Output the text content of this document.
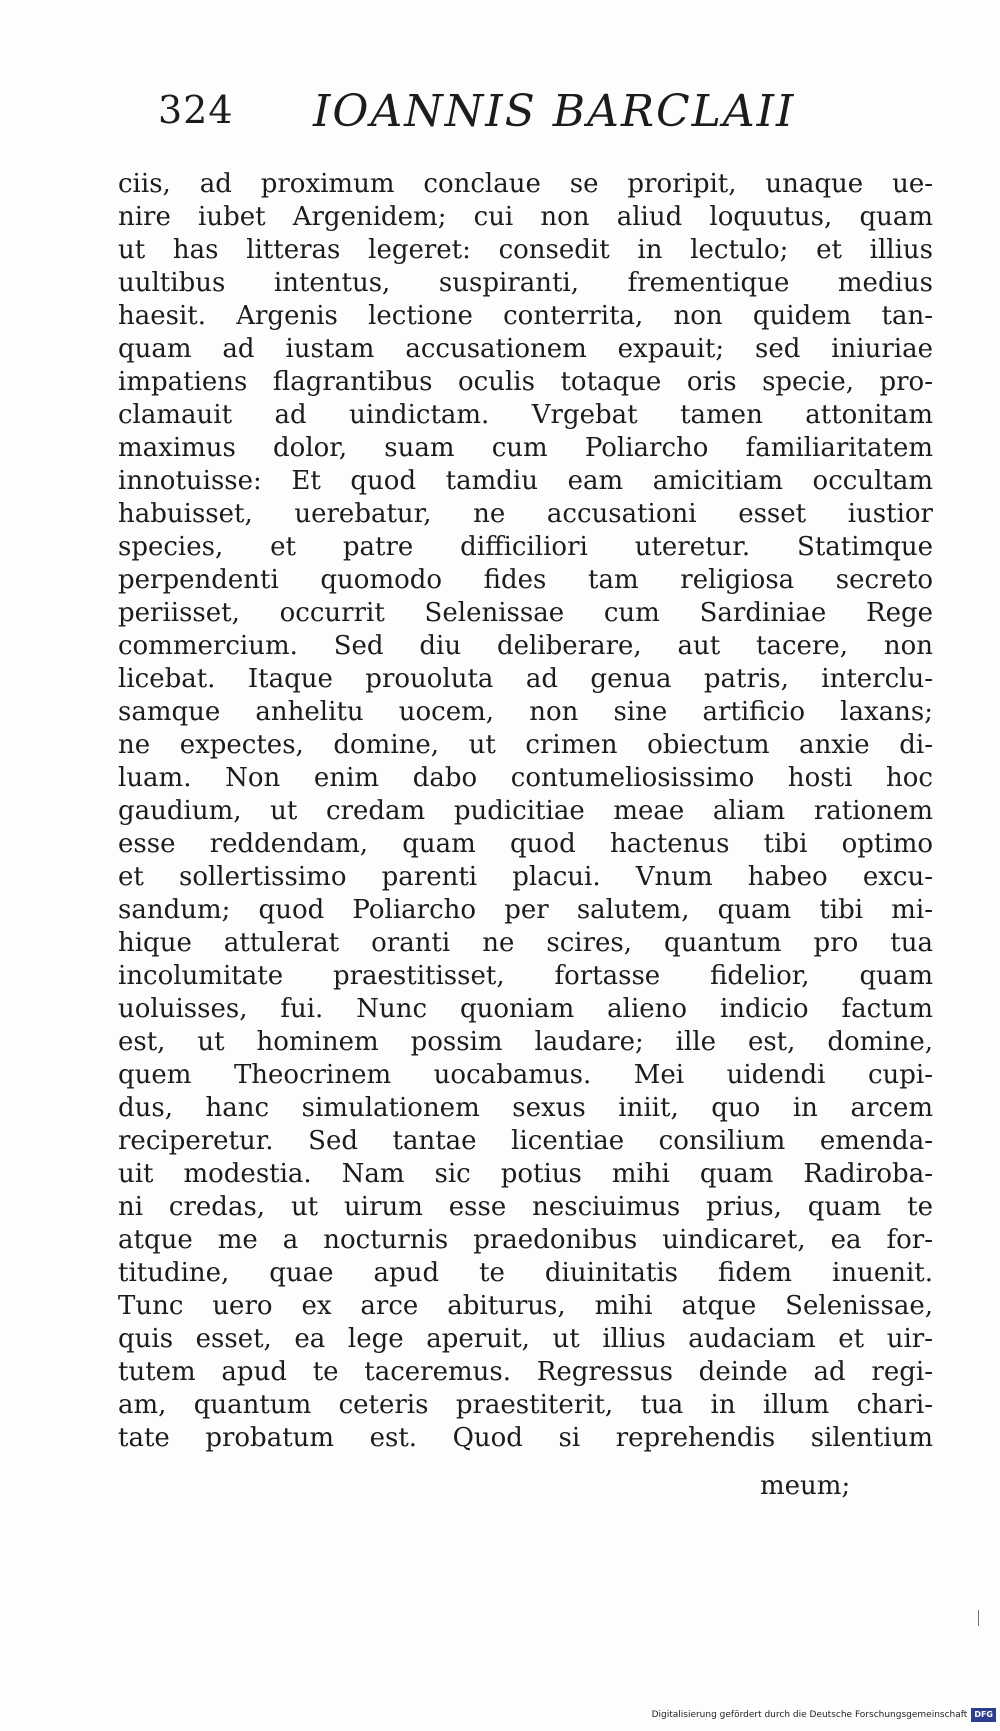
324 IOANNIS BARCLAII
ciis, ad proximum conclaue se proripit, unaque ue-
nire iubet Argenidem; cui non aliud loquutus, quam
ut has litteras legeret: consedit in lectulo; et illius
uultibus intentus, suspiranti, frementique medius
haesit. Argenis lectione conterrita, non quidem tan-
quam ad iustam accusationem expauit; sed iniuriae
impatiens flagrantibus oculis totaque oris specie, pro-
clamauit ad uindictam. Vrgebat tamen attonitam
maximus dolor, suam cum Poliarcho familiaritatem
innotuisse: Et quod tamdiu eam amicitiam occultam
habuisset, uerebatur, ne accusationi esset iustior
species, et patre difficiliori uteretur. Statimque
perpendenti quomodo fides tam religiosa secreto
periisset, occurrit Selenissae cum Sardiniae Rege
commercium. Sed diu deliberare, aut tacere, non
licebat. Itaque prouoluta ad genua patris, interclu-
samque anhelitu uocem, non sine artificio laxans;
ne expectes, domine, ut crimen obiectum anxie di-
luam. Non enim dabo contumeliosissimo hosti hoc
gaudium, ut credam pudicitiae meae aliam rationem
esse reddendam, quam quod hactenus tibi optimo
et sollertissimo parenti placui. Vnum habeo excu-
sandum; quod Poliarcho per salutem, quam tibi mi-
hique attulerat oranti ne scires, quantum pro tua
incolumitate praestitisset, fortasse fidelior, quam
uoluisses, fui. Nunc quoniam alieno indicio factum
est, ut hominem possim laudare; ille est, domine,
quem Theocrinem uocabamus. Mei uidendi cupi-
dus, hanc simulationem sexus iniit, quo in arcem
reciperetur. Sed tantae licentiae consilium emenda-
uit modestia. Nam sic potius mihi quam Radiroba-
ni credas, ut uirum esse nesciuimus prius, quam te
atque me a nocturnis praedonibus uindicaret, ea for-
titudine, quae apud te diuinitatis fidem inuenit.
Tunc uero ex arce abiturus, mihi atque Selenissae,
quis esset, ea lege aperuit, ut illius audaciam et uir-
tutem apud te taceremus. Regressus deinde ad regi-
am, quantum ceteris praestiterit, tua in illum chari-
tate probatum est. Quod si reprehendis silentium
meum;
Digitalisierung gefördert durch die Deutsche Forschungsgemeinschaft DFG
